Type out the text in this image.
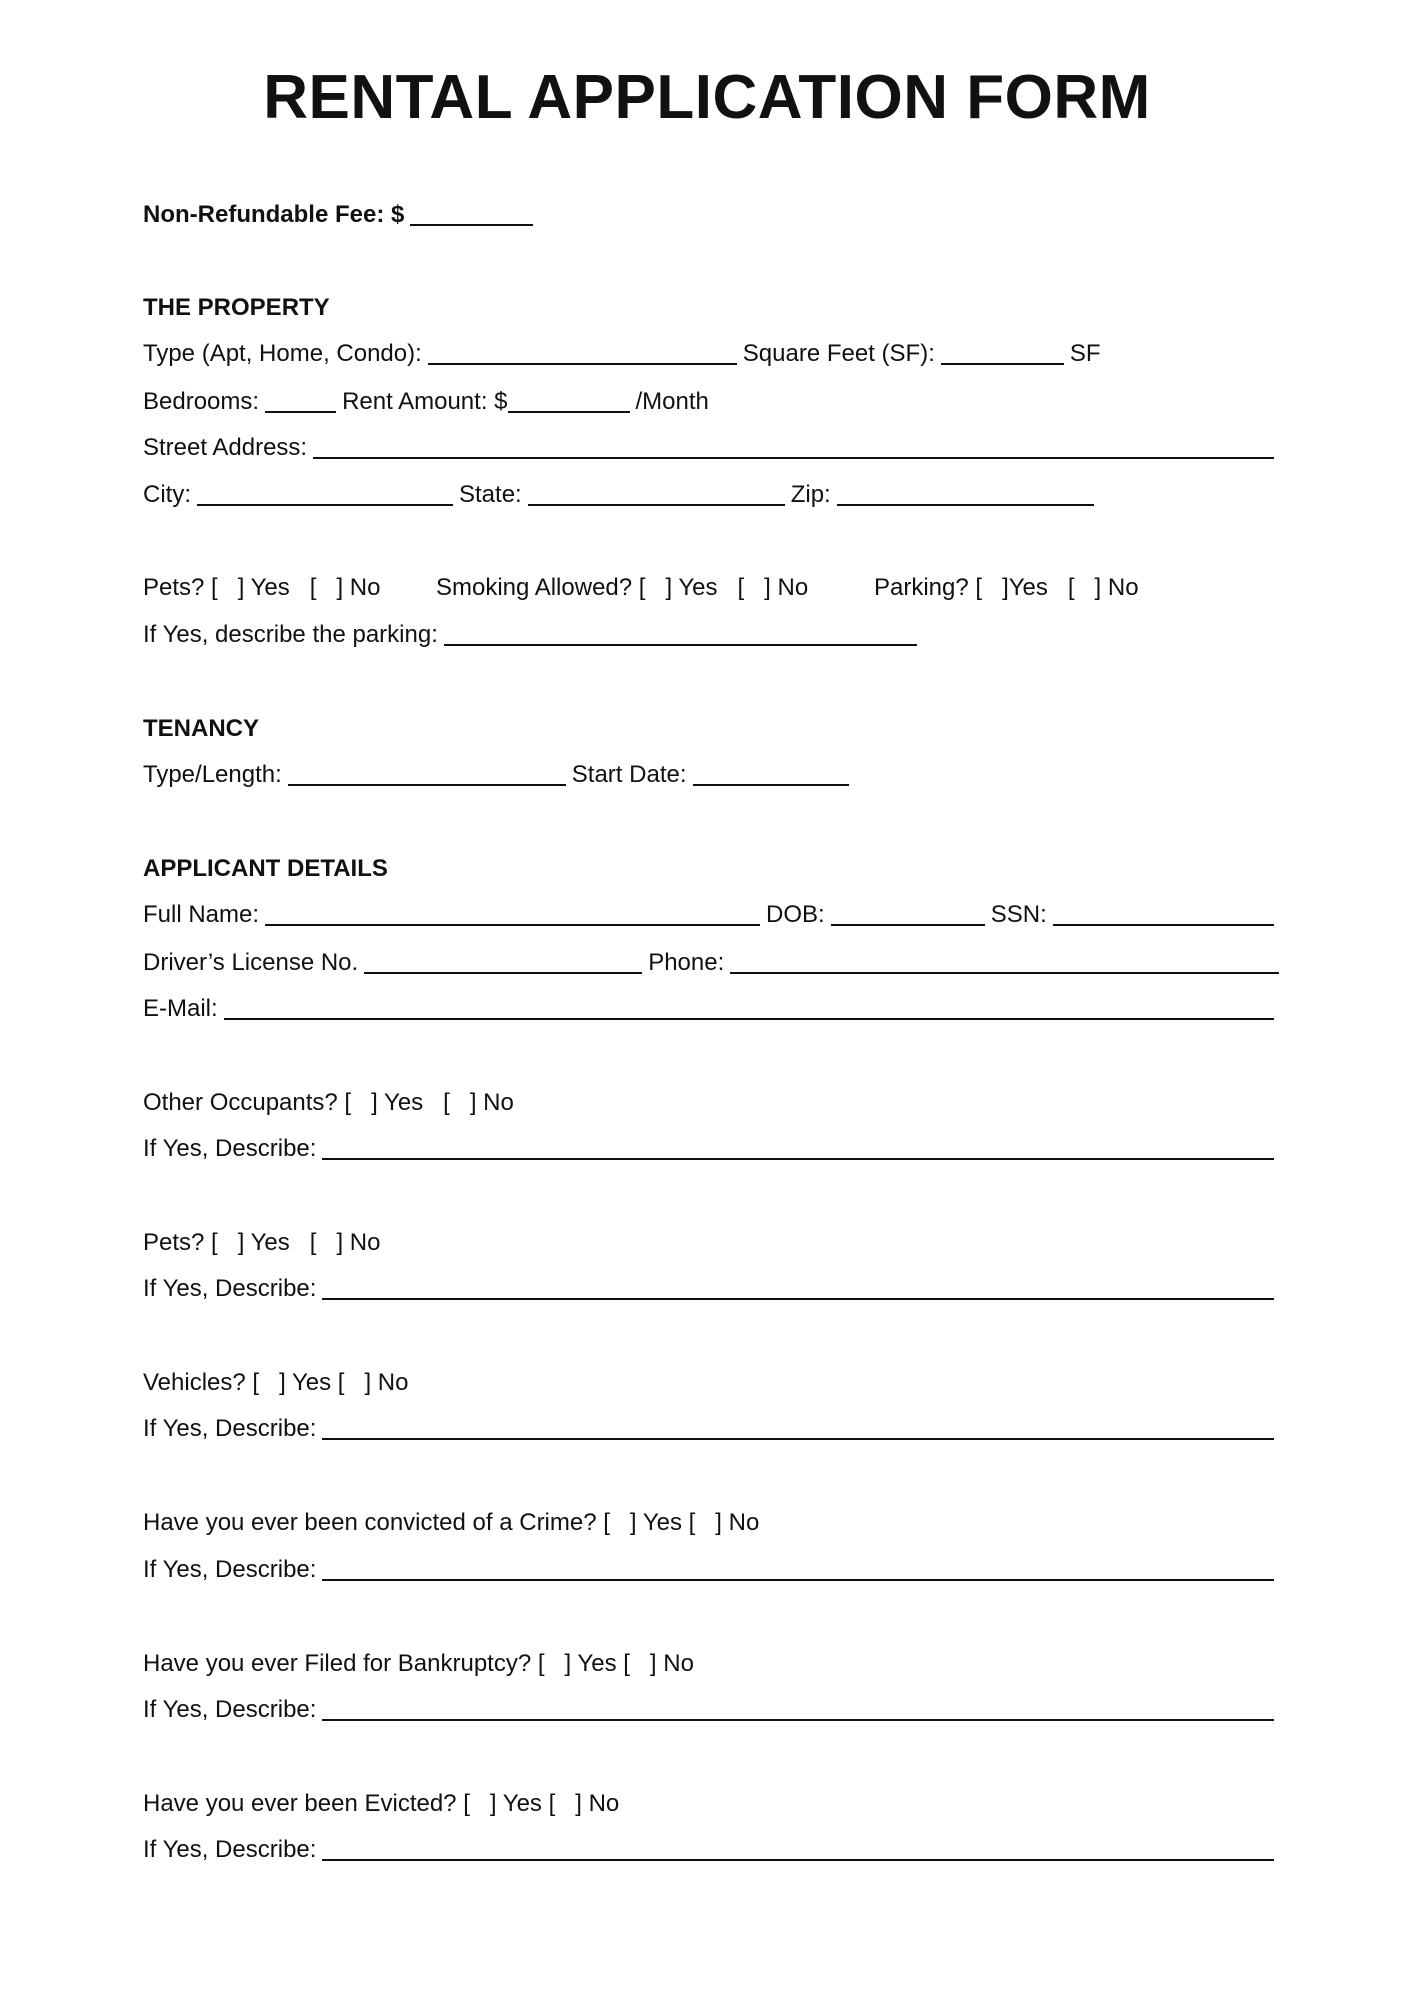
RENTAL APPLICATION FORM
Non-Refundable Fee: $
THE PROPERTY
Type (Apt, Home, Condo):	Square Feet (SF):	SF
Bedrooms:	Rent Amount: $	/Month
Street Address:
City:	State:	Zip:
Pets? [   ] Yes   [   ] No	Smoking Allowed? [   ] Yes   [   ] No	Parking? [   ]Yes   [   ] No
If Yes, describe the parking:
TENANCY
Type/Length:	Start Date:
APPLICANT DETAILS
Full Name:	DOB:	SSN:
Driver’s License No.	Phone:
E-Mail:
Other Occupants? [   ] Yes   [   ] No
If Yes, Describe:
Pets? [   ] Yes   [   ] No
If Yes, Describe:
Vehicles? [   ] Yes [   ] No
If Yes, Describe:
Have you ever been convicted of a Crime? [   ] Yes [   ] No
If Yes, Describe:
Have you ever Filed for Bankruptcy? [   ] Yes [   ] No
If Yes, Describe:
Have you ever been Evicted? [   ] Yes [   ] No
If Yes, Describe:
